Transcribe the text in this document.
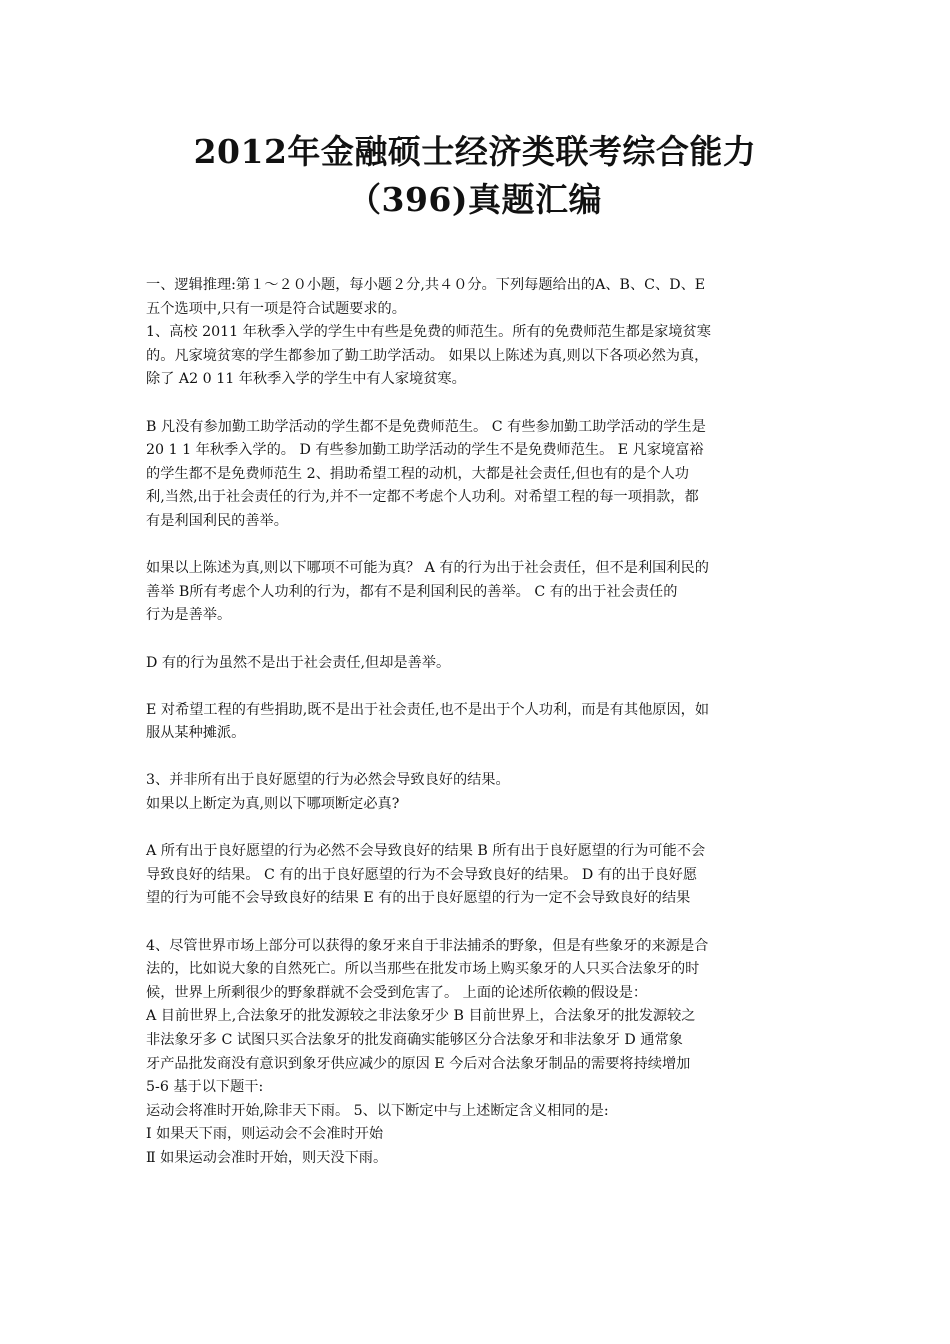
2012年金融硕士经济类联考综合能力
（396)真题汇编

一、逻辑推理:第１～２０小题，每小题２分,共４０分。下列每题给出的A、B、C、D、E

五个选项中,只有一项是符合试题要求的。

1、高校 2011 年秋季入学的学生中有些是免费的师范生。所有的免费师范生都是家境贫寒

的。凡家境贫寒的学生都参加了勤工助学活动。 如果以上陈述为真,则以下各项必然为真，

除了 A2 0 11 年秋季入学的学生中有人家境贫寒。

B 凡没有参加勤工助学活动的学生都不是免费师范生。 C 有些参加勤工助学活动的学生是

20 1 1 年秋季入学的。 D 有些参加勤工助学活动的学生不是免费师范生。 E 凡家境富裕

的学生都不是免费师范生 2、捐助希望工程的动机，大都是社会责任,但也有的是个人功

利,当然,出于社会责任的行为,并不一定都不考虑个人功利。对希望工程的每一项捐款，都

有是利国利民的善举。

如果以上陈述为真,则以下哪项不可能为真？ A 有的行为出于社会责任，但不是利国利民的

善举 B所有考虑个人功利的行为，都有不是利国利民的善举。 C 有的出于社会责任的

行为是善举。

D 有的行为虽然不是出于社会责任,但却是善举。

E 对希望工程的有些捐助,既不是出于社会责任,也不是出于个人功利，而是有其他原因，如

服从某种摊派。

3、并非所有出于良好愿望的行为必然会导致良好的结果。

如果以上断定为真,则以下哪项断定必真?

A 所有出于良好愿望的行为必然不会导致良好的结果 B 所有出于良好愿望的行为可能不会

导致良好的结果。 C 有的出于良好愿望的行为不会导致良好的结果。 D 有的出于良好愿

望的行为可能不会导致良好的结果 E 有的出于良好愿望的行为一定不会导致良好的结果

4、尽管世界市场上部分可以获得的象牙来自于非法捕杀的野象，但是有些象牙的来源是合

法的，比如说大象的自然死亡。所以当那些在批发市场上购买象牙的人只买合法象牙的时

候，世界上所剩很少的野象群就不会受到危害了。 上面的论述所依赖的假设是：

A 目前世界上,合法象牙的批发源较之非法象牙少 B 目前世界上，合法象牙的批发源较之

非法象牙多 C 试图只买合法象牙的批发商确实能够区分合法象牙和非法象牙 D 通常象

牙产品批发商没有意识到象牙供应减少的原因 E 今后对合法象牙制品的需要将持续增加

5-6 基于以下题干:

运动会将准时开始,除非天下雨。 5、以下断定中与上述断定含义相同的是:

Ⅰ 如果天下雨，则运动会不会准时开始

Ⅱ 如果运动会准时开始，则天没下雨。
